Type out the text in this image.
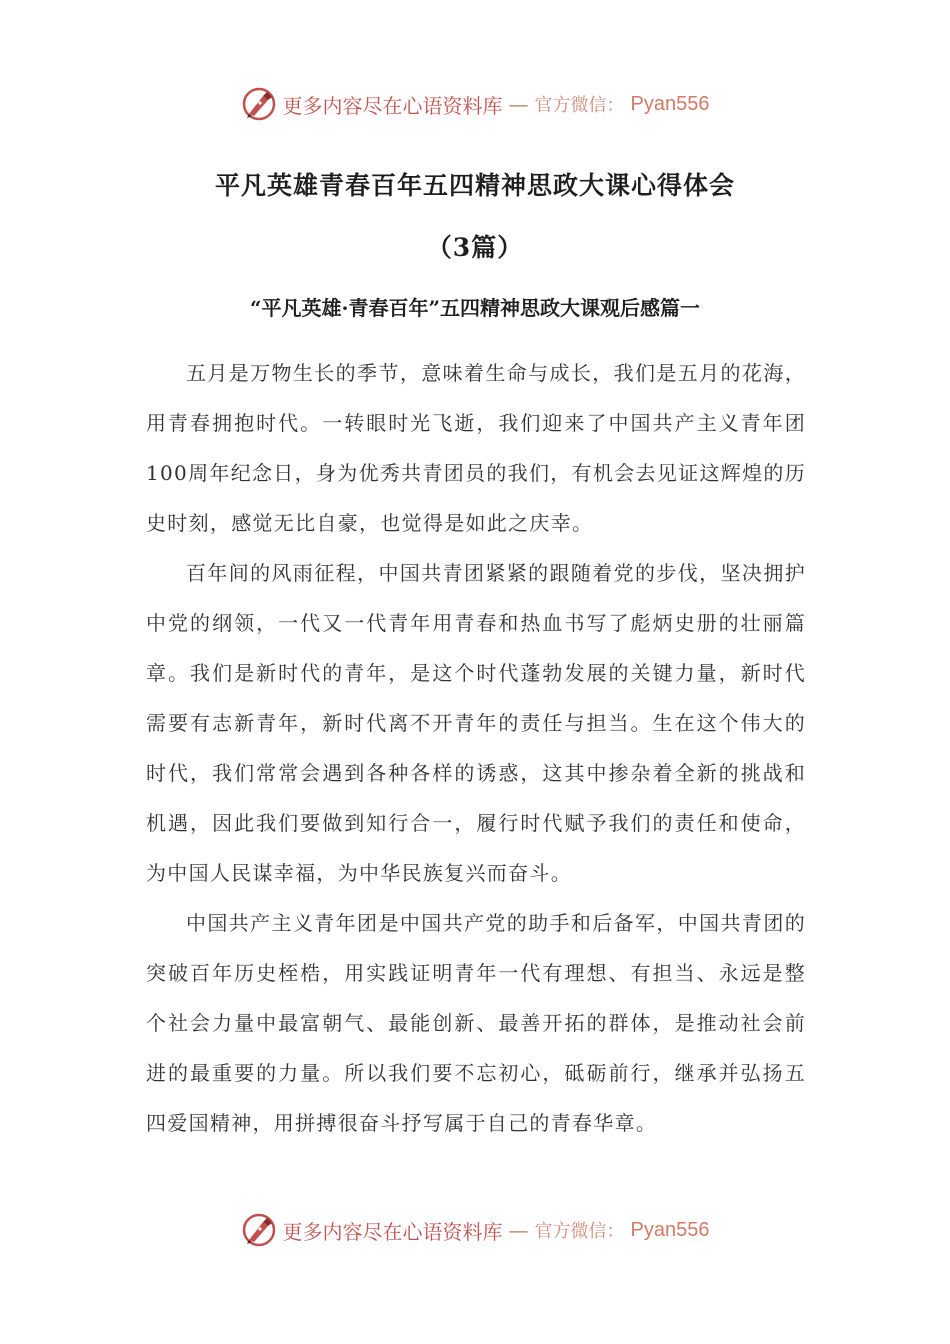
更多内容尽在心语资料库 — 官方微信： Pyan556
平凡英雄青春百年五四精神思政大课心得体会
（3篇）
“平凡英雄·青春百年”五四精神思政大课观后感篇一

五月是万物生长的季节，意味着生命与成长，我们是五月的花海，用青春拥抱时代。一转眼时光飞逝，我们迎来了中国共产主义青年团100周年纪念日，身为优秀共青团员的我们，有机会去见证这辉煌的历史时刻，感觉无比自豪，也觉得是如此之庆幸。

百年间的风雨征程，中国共青团紧紧的跟随着党的步伐，坚决拥护中党的纲领，一代又一代青年用青春和热血书写了彪炳史册的壮丽篇章。我们是新时代的青年，是这个时代蓬勃发展的关键力量，新时代需要有志新青年，新时代离不开青年的责任与担当。生在这个伟大的时代，我们常常会遇到各种各样的诱惑，这其中掺杂着全新的挑战和机遇，因此我们要做到知行合一，履行时代赋予我们的责任和使命，为中国人民谋幸福，为中华民族复兴而奋斗。

中国共产主义青年团是中国共产党的助手和后备军，中国共青团的突破百年历史桎梏，用实践证明青年一代有理想、有担当、永远是整个社会力量中最富朝气、最能创新、最善开拓的群体，是推动社会前进的最重要的力量。所以我们要不忘初心，砥砺前行，继承并弘扬五四爱国精神，用拼搏很奋斗抒写属于自己的青春华章。

更多内容尽在心语资料库 — 官方微信： Pyan556
